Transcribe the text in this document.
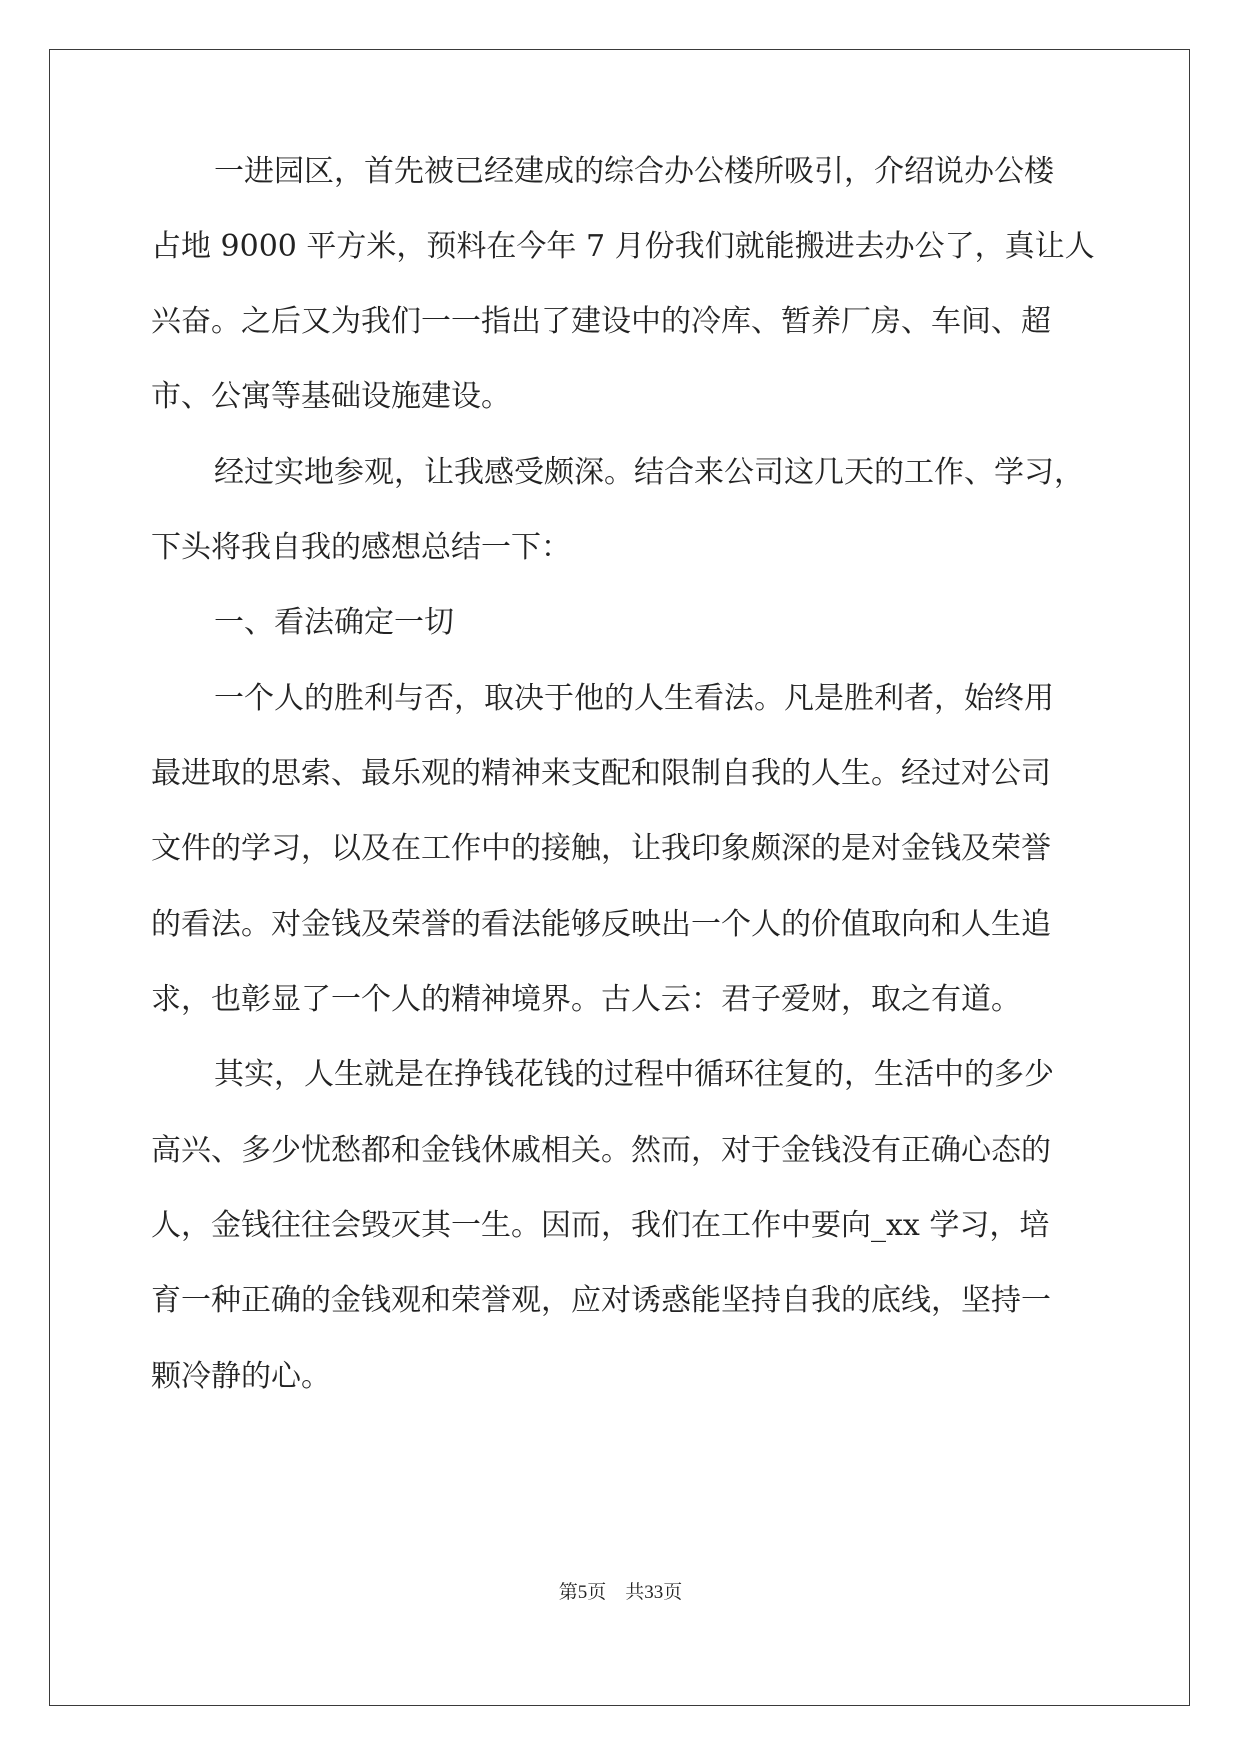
一进园区，首先被已经建成的综合办公楼所吸引，介绍说办公楼
占地 9000 平方米，预料在今年 7 月份我们就能搬进去办公了，真让人
兴奋。之后又为我们一一指出了建设中的冷库、暂养厂房、车间、超
市、公寓等基础设施建设。
经过实地参观，让我感受颇深。结合来公司这几天的工作、学习，
下头将我自我的感想总结一下：
一、看法确定一切
一个人的胜利与否，取决于他的人生看法。凡是胜利者，始终用
最进取的思索、最乐观的精神来支配和限制自我的人生。经过对公司
文件的学习，以及在工作中的接触，让我印象颇深的是对金钱及荣誉
的看法。对金钱及荣誉的看法能够反映出一个人的价值取向和人生追
求，也彰显了一个人的精神境界。古人云：君子爱财，取之有道。
其实，人生就是在挣钱花钱的过程中循环往复的，生活中的多少
高兴、多少忧愁都和金钱休戚相关。然而，对于金钱没有正确心态的
人，金钱往往会毁灭其一生。因而，我们在工作中要向_xx 学习，培
育一种正确的金钱观和荣誉观，应对诱惑能坚持自我的底线，坚持一
颗冷静的心。
第5页 共33页
